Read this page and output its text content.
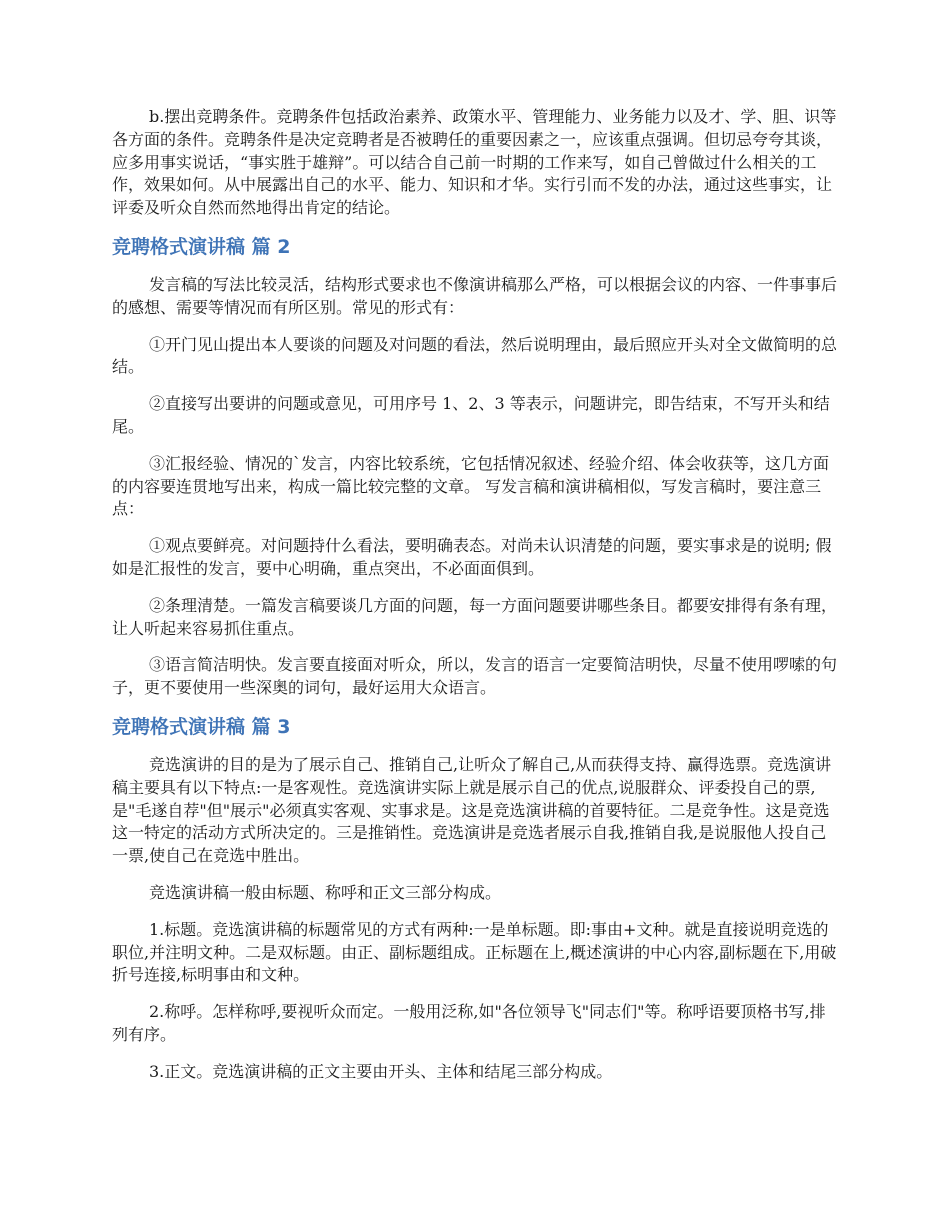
b.摆出竞聘条件。竞聘条件包括政治素养、政策水平、管理能力、业务能力以及才、学、胆、识等各方面的条件。竞聘条件是决定竞聘者是否被聘任的重要因素之一，应该重点强调。但切忌夸夸其谈，应多用事实说话，“事实胜于雄辩”。可以结合自己前一时期的工作来写，如自己曾做过什么相关的工作，效果如何。从中展露出自己的水平、能力、知识和才华。实行引而不发的办法，通过这些事实，让评委及听众自然而然地得出肯定的结论。

竞聘格式演讲稿 篇 2

发言稿的写法比较灵活，结构形式要求也不像演讲稿那么严格，可以根据会议的内容、一件事事后的感想、需要等情况而有所区别。常见的形式有：

①开门见山提出本人要谈的问题及对问题的看法，然后说明理由，最后照应开头对全文做简明的总结。

②直接写出要讲的问题或意见，可用序号 1、2、3 等表示，问题讲完，即告结束，不写开头和结尾。

③汇报经验、情况的`发言，内容比较系统，它包括情况叙述、经验介绍、体会收获等，这几方面的内容要连贯地写出来，构成一篇比较完整的文章。 写发言稿和演讲稿相似，写发言稿时，要注意三点：

①观点要鲜亮。对问题持什么看法，要明确表态。对尚未认识清楚的问题，要实事求是的说明; 假如是汇报性的发言，要中心明确，重点突出，不必面面俱到。

②条理清楚。一篇发言稿要谈几方面的问题，每一方面问题要讲哪些条目。都要安排得有条有理，让人听起来容易抓住重点。

③语言简洁明快。发言要直接面对听众，所以，发言的语言一定要简洁明快，尽量不使用啰嗦的句子，更不要使用一些深奥的词句，最好运用大众语言。

竞聘格式演讲稿 篇 3

竞选演讲的目的是为了展示自己、推销自己,让听众了解自己,从而获得支持、赢得选票。竞选演讲稿主要具有以下特点:一是客观性。竞选演讲实际上就是展示自己的优点,说服群众、评委投自己的票,是"毛遂自荐"但"展示"必须真实客观、实事求是。这是竞选演讲稿的首要特征。二是竞争性。这是竞选这一特定的活动方式所决定的。三是推销性。竞选演讲是竞选者展示自我,推销自我,是说服他人投自己一票,使自己在竞选中胜出。

竞选演讲稿一般由标题、称呼和正文三部分构成。

1.标题。竞选演讲稿的标题常见的方式有两种:一是单标题。即:事由+文种。就是直接说明竞选的职位,并注明文种。二是双标题。由正、副标题组成。正标题在上,概述演讲的中心内容,副标题在下,用破折号连接,标明事由和文种。

2.称呼。怎样称呼,要视听众而定。一般用泛称,如"各位领导飞"同志们"等。称呼语要顶格书写,排列有序。

3.正文。竞选演讲稿的正文主要由开头、主体和结尾三部分构成。
